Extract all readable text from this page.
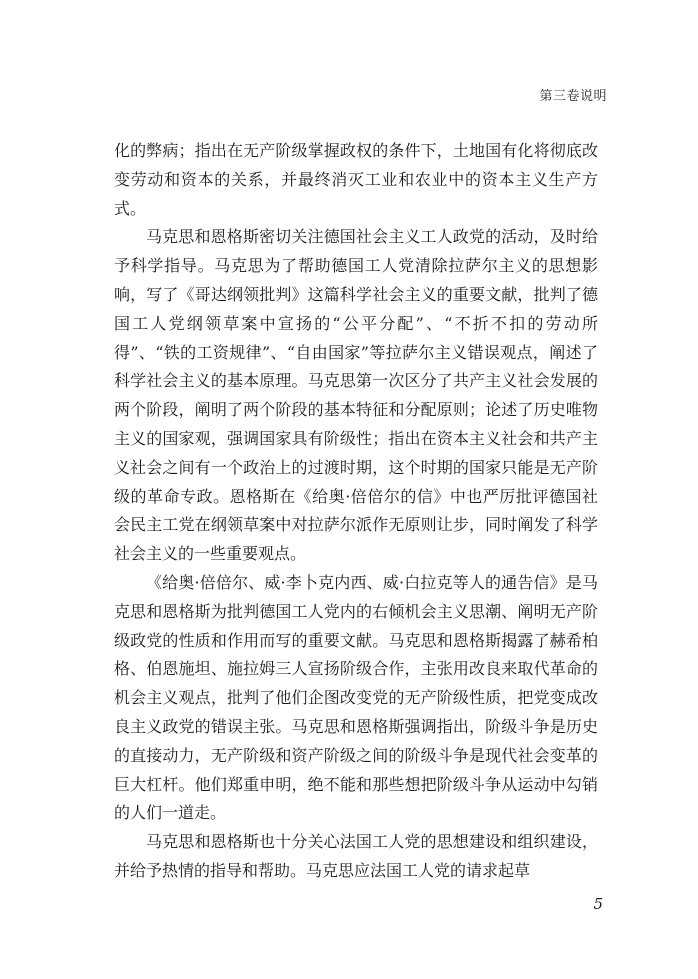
第三卷说明

化的弊病；指出在无产阶级掌握政权的条件下，土地国有化将彻底改变劳动和资本的关系，并最终消灭工业和农业中的资本主义生产方式。

马克思和恩格斯密切关注德国社会主义工人政党的活动，及时给予科学指导。马克思为了帮助德国工人党清除拉萨尔主义的思想影响，写了《哥达纲领批判》这篇科学社会主义的重要文献，批判了德国工人党纲领草案中宣扬的“公平分配”、“不折不扣的劳动所得”、“铁的工资规律”、“自由国家”等拉萨尔主义错误观点，阐述了科学社会主义的基本原理。马克思第一次区分了共产主义社会发展的两个阶段，阐明了两个阶段的基本特征和分配原则；论述了历史唯物主义的国家观，强调国家具有阶级性；指出在资本主义社会和共产主义社会之间有一个政治上的过渡时期，这个时期的国家只能是无产阶级的革命专政。恩格斯在《给奥·倍倍尔的信》中也严厉批评德国社会民主工党在纲领草案中对拉萨尔派作无原则让步，同时阐发了科学社会主义的一些重要观点。

《给奥·倍倍尔、威·李卜克内西、威·白拉克等人的通告信》是马克思和恩格斯为批判德国工人党内的右倾机会主义思潮、阐明无产阶级政党的性质和作用而写的重要文献。马克思和恩格斯揭露了赫希柏格、伯恩施坦、施拉姆三人宣扬阶级合作，主张用改良来取代革命的机会主义观点，批判了他们企图改变党的无产阶级性质，把党变成改良主义政党的错误主张。马克思和恩格斯强调指出，阶级斗争是历史的直接动力，无产阶级和资产阶级之间的阶级斗争是现代社会变革的巨大杠杆。他们郑重申明，绝不能和那些想把阶级斗争从运动中勾销的人们一道走。

马克思和恩格斯也十分关心法国工人党的思想建设和组织建设，并给予热情的指导和帮助。马克思应法国工人党的请求起草

5
